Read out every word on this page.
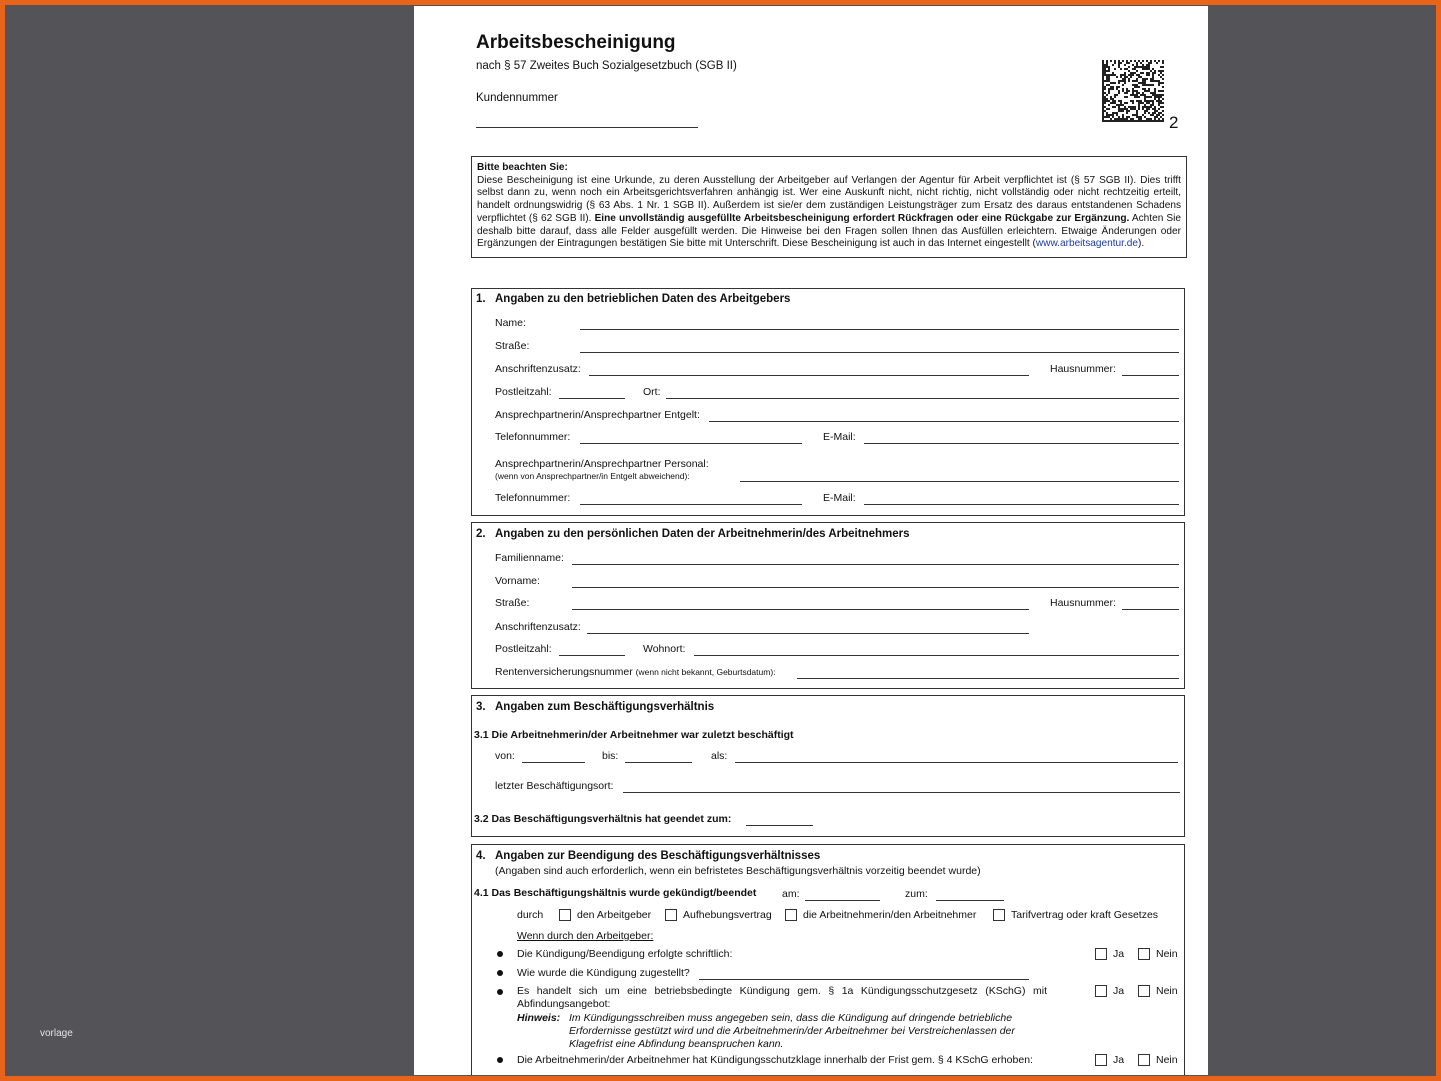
vorlage
Arbeitsbescheinigung
nach § 57 Zweites Buch Sozialgesetzbuch (SGB II)
Kundennummer
2
Bitte beachten Sie:
Diese Bescheinigung ist eine Urkunde, zu deren Ausstellung der Arbeitgeber auf Verlangen der Agentur für Arbeit verpflichtet ist (§ 57 SGB II). Dies trifft selbst dann zu, wenn noch ein Arbeitsgerichtsverfahren anhängig ist. Wer eine Auskunft nicht, nicht richtig, nicht vollständig oder nicht rechtzeitig erteilt, handelt ordnungswidrig (§ 63 Abs. 1 Nr. 1 SGB II). Außerdem ist sie/er dem zuständigen Leistungsträger zum Ersatz des daraus entstandenen Schadens verpflichtet (§ 62 SGB II). Eine unvollständig ausgefüllte Arbeitsbescheinigung erfordert Rückfragen oder eine Rückgabe zur Ergänzung. Achten Sie deshalb bitte darauf, dass alle Felder ausgefüllt werden. Die Hinweise bei den Fragen sollen Ihnen das Ausfüllen erleichtern. Etwaige Änderungen oder Ergänzungen der Eintragungen bestätigen Sie bitte mit Unterschrift. Diese Bescheinigung ist auch in das Internet eingestellt (www.arbeitsagentur.de).
1. Angaben zu den betrieblichen Daten des Arbeitgebers
Name:
Straße:
Anschriftenzusatz:	Hausnummer:
Postleitzahl:	Ort:
Ansprechpartnerin/Ansprechpartner Entgelt:
Telefonnummer:	E-Mail:
Ansprechpartnerin/Ansprechpartner Personal:
(wenn von Ansprechpartner/in Entgelt abweichend):
Telefonnummer:	E-Mail:
2. Angaben zu den persönlichen Daten der Arbeitnehmerin/des Arbeitnehmers
Familienname:
Vorname:
Straße:	Hausnummer:
Anschriftenzusatz:
Postleitzahl:	Wohnort:
Rentenversicherungsnummer (wenn nicht bekannt, Geburtsdatum):
3. Angaben zum Beschäftigungsverhältnis
3.1 Die Arbeitnehmerin/der Arbeitnehmer war zuletzt beschäftigt
von:	bis:	als:
letzter Beschäftigungsort:
3.2 Das Beschäftigungsverhältnis hat geendet zum:
4. Angaben zur Beendigung des Beschäftigungsverhältnisses
(Angaben sind auch erforderlich, wenn ein befristetes Beschäftigungsverhältnis vorzeitig beendet wurde)
4.1 Das Beschäftigungshältnis wurde gekündigt/beendet am:	zum:
durch	den Arbeitgeber	Aufhebungsvertrag	die Arbeitnehmerin/den Arbeitnehmer	Tarifvertrag oder kraft Gesetzes
Wenn durch den Arbeitgeber:
Die Kündigung/Beendigung erfolgte schriftlich:	Ja	Nein
Wie wurde die Kündigung zugestellt?
Es handelt sich um eine betriebsbedingte Kündigung gem. § 1a Kündigungsschutzgesetz (KSchG) mit
Abfindungsangebot:
Ja	Nein
Hinweis: Im Kündigungsschreiben muss angegeben sein, dass die Kündigung auf dringende betriebliche
Erfordernisse gestützt wird und die Arbeitnehmerin/der Arbeitnehmer bei Verstreichenlassen der
Klagefrist eine Abfindung beanspruchen kann.
Die Arbeitnehmerin/der Arbeitnehmer hat Kündigungsschutzklage innerhalb der Frist gem. § 4 KSchG erhoben:	Ja	Nein
